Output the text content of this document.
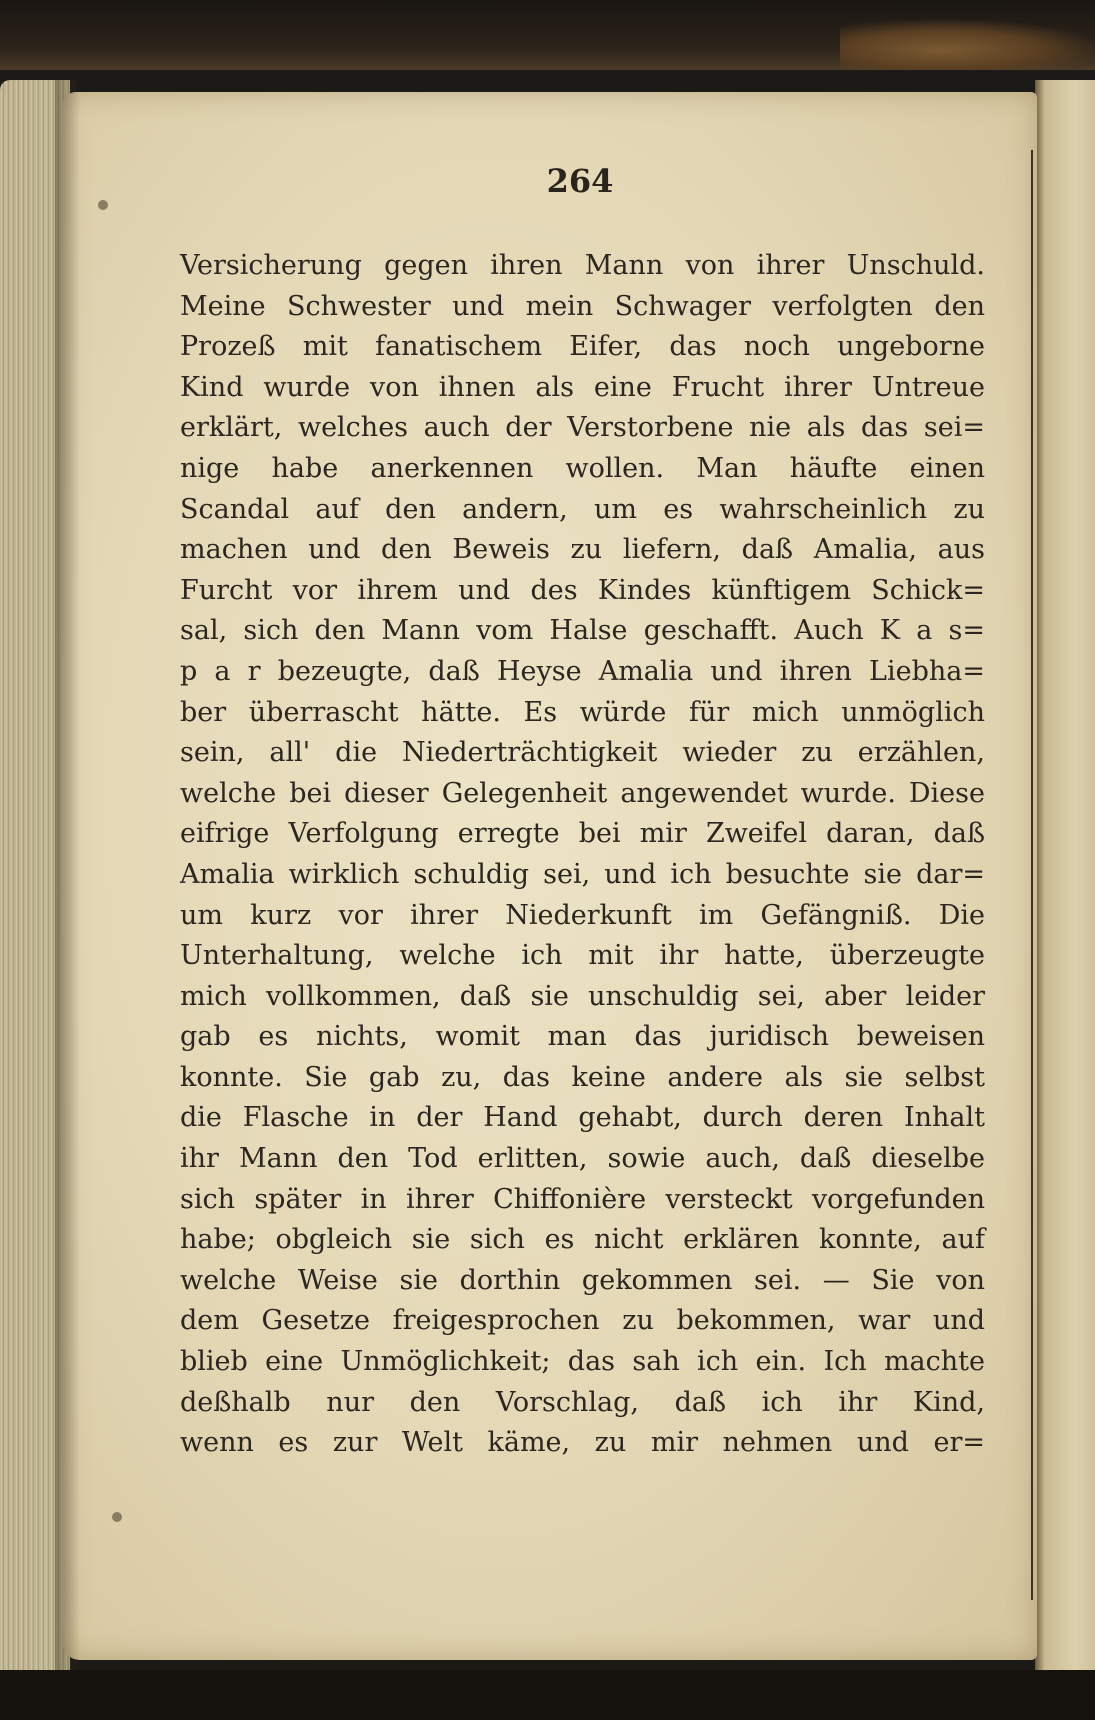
264
Versicherung gegen ihren Mann von ihrer Unschuld.
Meine Schwester und mein Schwager verfolgten den
Prozeß mit fanatischem Eifer, das noch ungeborne
Kind wurde von ihnen als eine Frucht ihrer Untreue
erklärt, welches auch der Verstorbene nie als das sei=
nige habe anerkennen wollen. Man häufte einen
Scandal auf den andern, um es wahrscheinlich zu
machen und den Beweis zu liefern, daß Amalia, aus
Furcht vor ihrem und des Kindes künftigem Schick=
sal, sich den Mann vom Halse geschafft. Auch K a s=
p a r bezeugte, daß Heyse Amalia und ihren Liebha=
ber überrascht hätte. Es würde für mich unmöglich
sein, all' die Niederträchtigkeit wieder zu erzählen,
welche bei dieser Gelegenheit angewendet wurde. Diese
eifrige Verfolgung erregte bei mir Zweifel daran, daß
Amalia wirklich schuldig sei, und ich besuchte sie dar=
um kurz vor ihrer Niederkunft im Gefängniß. Die
Unterhaltung, welche ich mit ihr hatte, überzeugte
mich vollkommen, daß sie unschuldig sei, aber leider
gab es nichts, womit man das juridisch beweisen
konnte. Sie gab zu, das keine andere als sie selbst
die Flasche in der Hand gehabt, durch deren Inhalt
ihr Mann den Tod erlitten, sowie auch, daß dieselbe
sich später in ihrer Chiffonière versteckt vorgefunden
habe; obgleich sie sich es nicht erklären konnte, auf
welche Weise sie dorthin gekommen sei. — Sie von
dem Gesetze freigesprochen zu bekommen, war und
blieb eine Unmöglichkeit; das sah ich ein. Ich machte
deßhalb nur den Vorschlag, daß ich ihr Kind,
wenn es zur Welt käme, zu mir nehmen und er=
